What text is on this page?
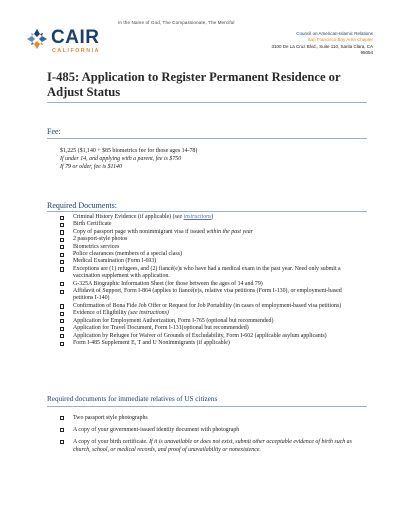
In the Name of God, The Compassionate, The Merciful
CAIR
CALIFORNIA
Council on American-Islamic Relations
San Francisco Bay Area Chapter
3100 De La Cruz Blvd., Suite 110, Santa Clara, CA
95054
I-485: Application to Register Permanent Residence or Adjust Status
Fee:
$1,225 ($1,140 + $85 biometrics fee for those ages 14-78)
If under 14, and applying with a parent, fee is $750
If 79 or older, fee is $1140
Required Documents:
Criminal History Evidence (if applicable) (see instructions)
Birth Certificate
Copy of passport page with nonimmigrant visa if issued within the past year
2 passport-style photos
Biometrics services
Police clearances (members of a special class)
Medical Examination (Form I-693)
Exceptions are (1) refugees, and (2) fiancé(e)s who have had a medical exam in the past year. Need only submit a vaccination supplement with application.
G-325A Biographic Information Sheet (for those between the ages of 14 and 79)
Affidavit of Support, Form I-864 (applies to fiancé(e)s, relative visa petitions (Form I-130), or employment-based petitions I-140)
Confirmation of Bona Fide Job Offer or Request for Job Portability (in cases of employment-based visa petitions)
Evidence of Eligibility (see instructions)
Application for Employment Authorization, Form I-765 (optional but recommended)
Application for Travel Document, Form I-131(optional but recommended)
Application by Refugee for Waiver of Grounds of Excludability, Form I-602 (applicable asylum applicants)
Form I-485 Supplement E, T and U Nonimmigrants (if applicable)
Required documents for immediate relatives of US citizens
Two passport style photographs
A copy of your government-issued identity document with photograph
A copy of your birth certificate. If it is unavailable or does not exist, submit other acceptable evidence of birth such as church, school, or medical records, and proof of unavailability or nonexistence.
